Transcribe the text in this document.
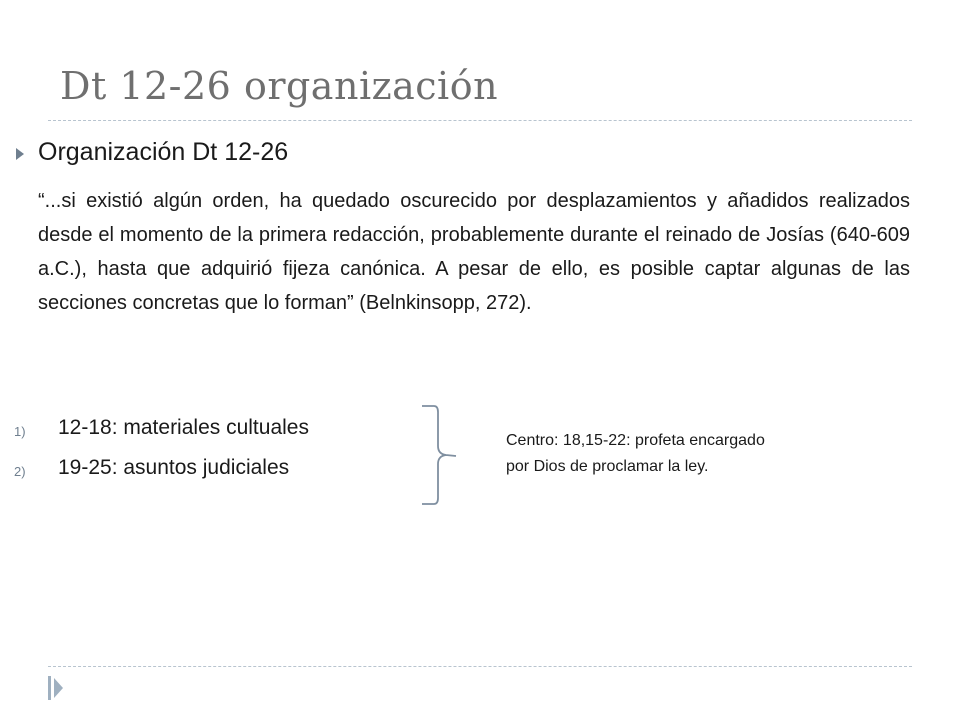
Dt 12-26 organización
Organización Dt 12-26
“...si existió algún orden, ha quedado oscurecido por desplazamientos y añadidos realizados desde el momento de la primera redacción, probablemente durante el reinado de Josías (640-609 a.C.), hasta que adquirió fijeza canónica. A pesar de ello, es posible captar algunas de las secciones concretas que lo forman” (Belnkinsopp, 272).
1) 12-18: materiales cultuales
2) 19-25: asuntos judiciales
Centro: 18,15-22: profeta encargado
por Dios de proclamar la ley.
